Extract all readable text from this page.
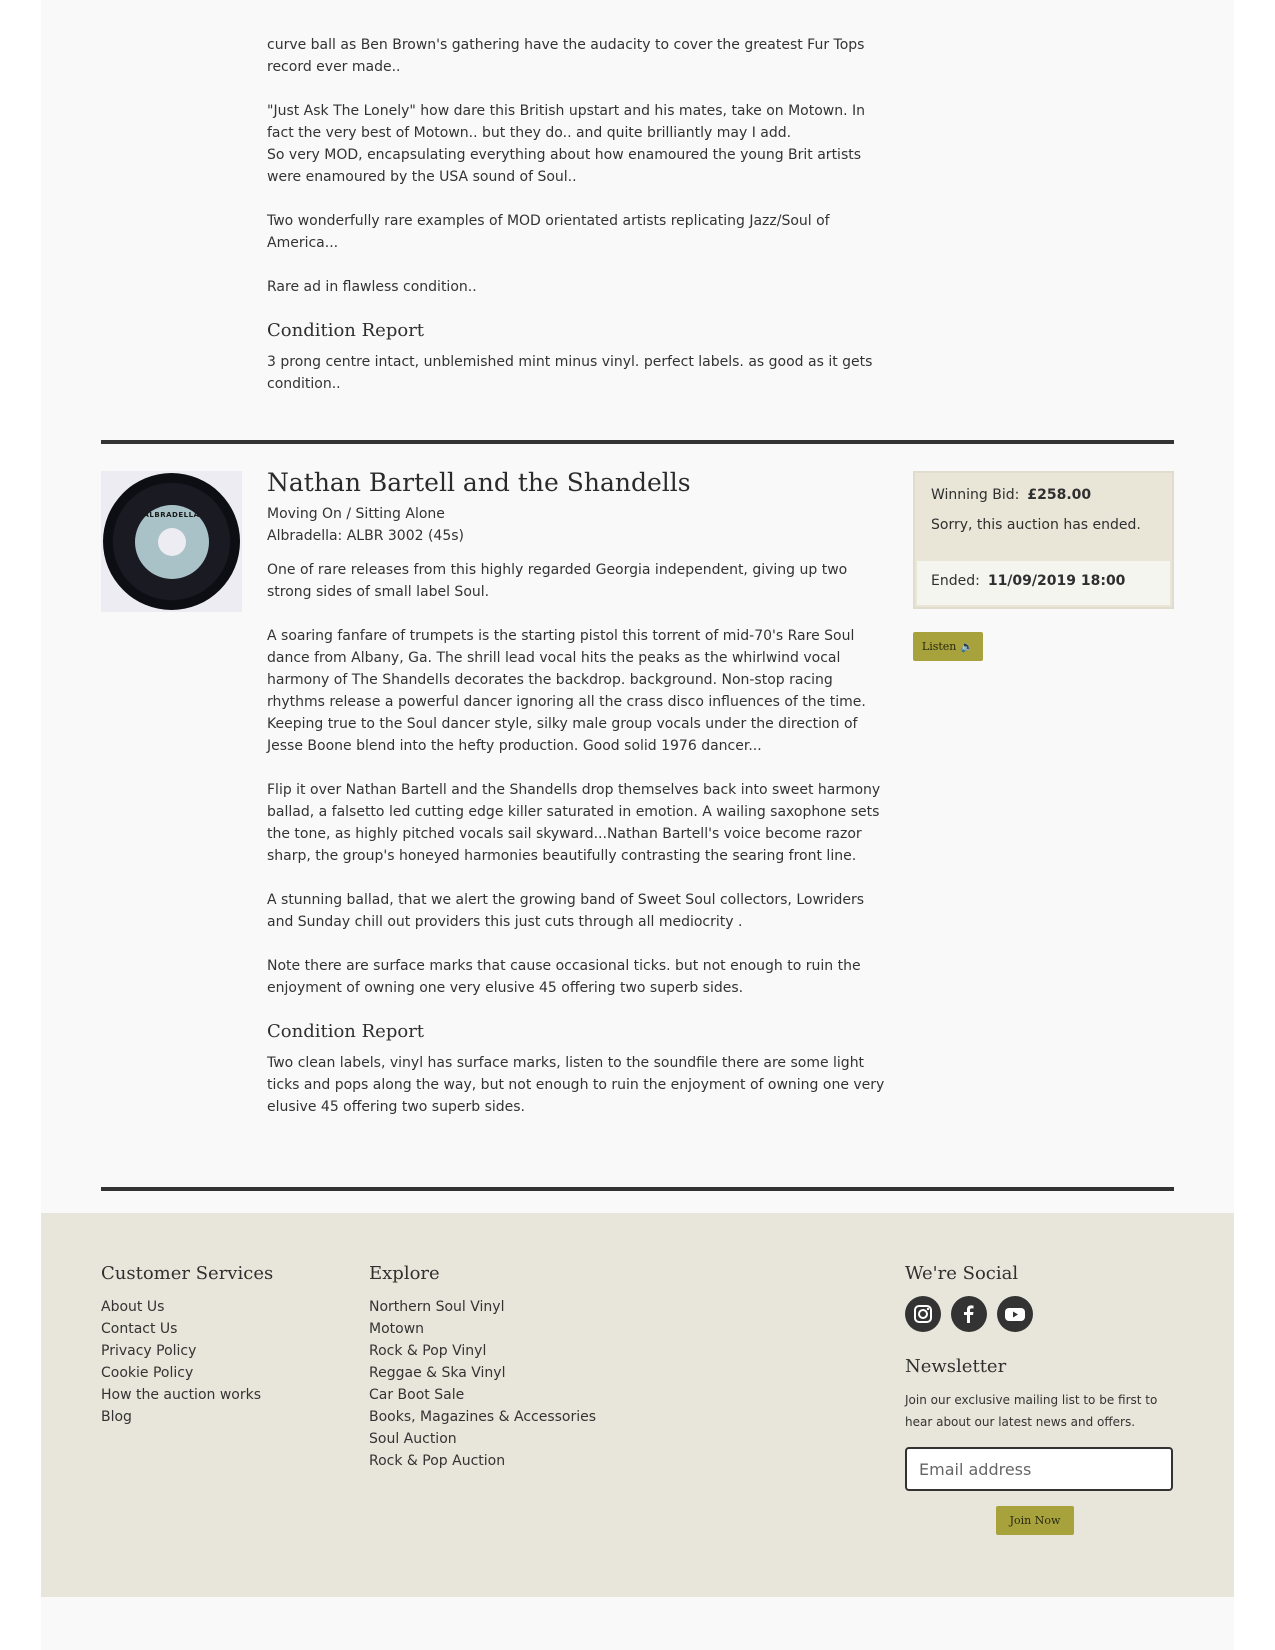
curve ball as Ben Brown's gathering have the audacity to cover the greatest Fur Tops record ever made..

"Just Ask The Lonely" how dare this British upstart and his mates, take on Motown. In fact the very best of Motown.. but they do.. and quite brilliantly may I add.
So very MOD, encapsulating everything about how enamoured the young Brit artists were enamoured by the USA sound of Soul..

Two wonderfully rare examples of MOD orientated artists replicating Jazz/Soul of America...

Rare ad in flawless condition..

Condition Report

3 prong centre intact, unblemished mint minus vinyl. perfect labels. as good as it gets condition..

ALBRADELLA
Nathan Bartell and the Shandells
Moving On / Sitting Alone
Albradella: ALBR 3002 (45s)

One of rare releases from this highly regarded Georgia independent, giving up two strong sides of small label Soul.

A soaring fanfare of trumpets is the starting pistol this torrent of mid-70's Rare Soul dance from Albany, Ga. The shrill lead vocal hits the peaks as the whirlwind vocal harmony of The Shandells decorates the backdrop. background. Non-stop racing rhythms release a powerful dancer ignoring all the crass disco influences of the time. Keeping true to the Soul dancer style, silky male group vocals under the direction of Jesse Boone blend into the hefty production. Good solid 1976 dancer...

Flip it over Nathan Bartell and the Shandells drop themselves back into sweet harmony ballad, a falsetto led cutting edge killer saturated in emotion. A wailing saxophone sets the tone, as highly pitched vocals sail skyward...Nathan Bartell's voice become razor sharp, the group's honeyed harmonies beautifully contrasting the searing front line.

A stunning ballad, that we alert the growing band of Sweet Soul collectors, Lowriders and Sunday chill out providers this just cuts through all mediocrity .

Note there are surface marks that cause occasional ticks. but not enough to ruin the enjoyment of owning one very elusive 45 offering two superb sides.

Condition Report

Two clean labels, vinyl has surface marks, listen to the soundfile there are some light ticks and pops along the way, but not enough to ruin the enjoyment of owning one very elusive 45 offering two superb sides.

Winning Bid: £258.00
Sorry, this auction has ended.
Ended: 11/09/2019 18:00
Listen 🔈
Customer Services
About Us
Contact Us
Privacy Policy
Cookie Policy
How the auction works
Blog
Explore
Northern Soul Vinyl
Motown
Rock & Pop Vinyl
Reggae & Ska Vinyl
Car Boot Sale
Books, Magazines & Accessories
Soul Auction
Rock & Pop Auction
We're Social
Newsletter

Join our exclusive mailing list to be first to hear about our latest news and offers.

Email address
Join Now
